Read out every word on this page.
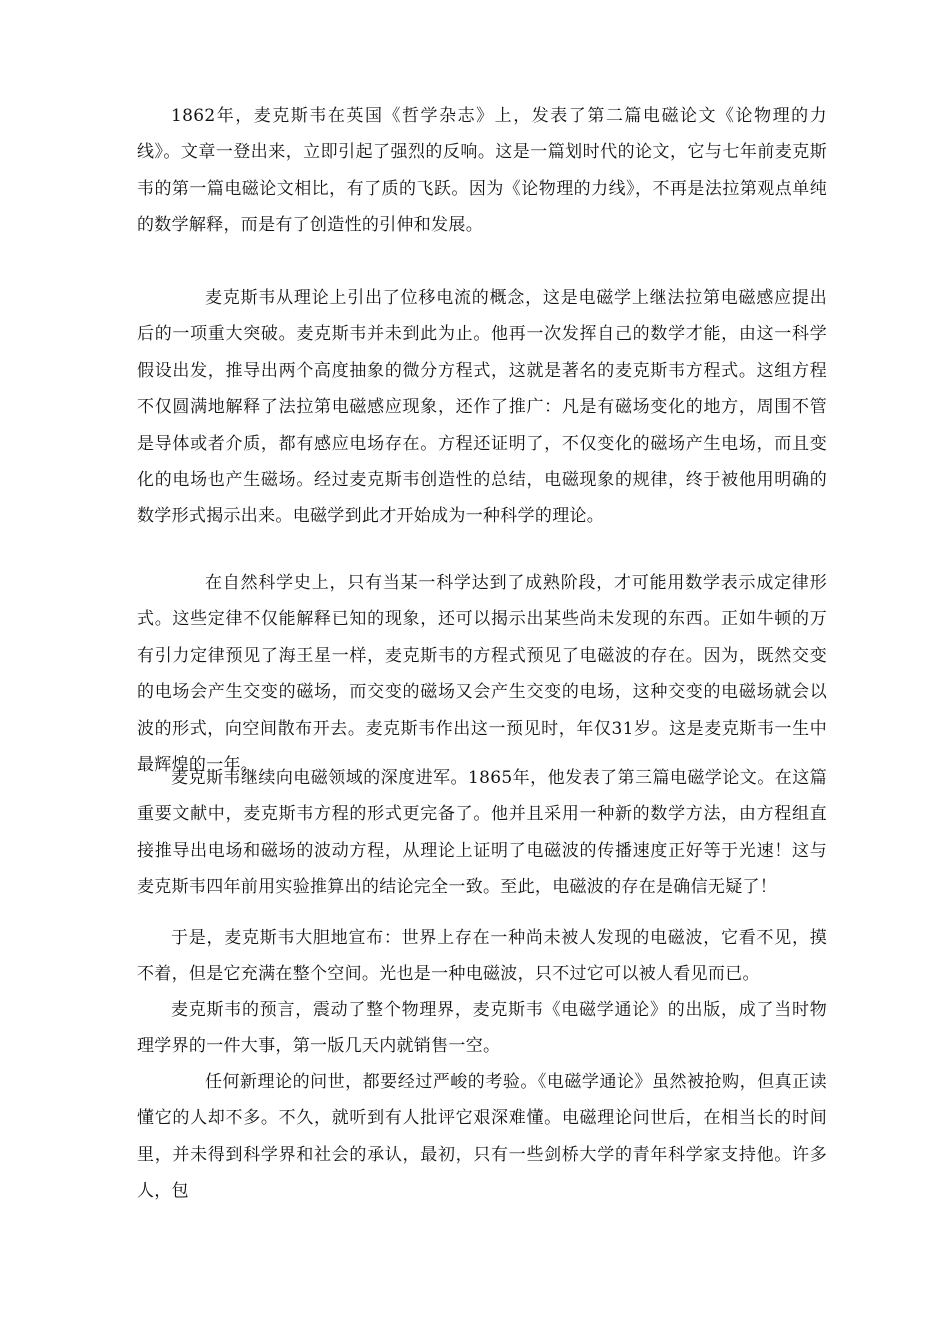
1862年，麦克斯韦在英国《哲学杂志》上，发表了第二篇电磁论文《论物理的力线》。文章一登出来，立即引起了强烈的反响。这是一篇划时代的论文，它与七年前麦克斯韦的第一篇电磁论文相比，有了质的飞跃。因为《论物理的力线》，不再是法拉第观点单纯的数学解释，而是有了创造性的引伸和发展。

麦克斯韦从理论上引出了位移电流的概念，这是电磁学上继法拉第电磁感应提出后的一项重大突破。麦克斯韦并未到此为止。他再一次发挥自己的数学才能，由这一科学假设出发，推导出两个高度抽象的微分方程式，这就是著名的麦克斯韦方程式。这组方程不仅圆满地解释了法拉第电磁感应现象，还作了推广：凡是有磁场变化的地方，周围不管是导体或者介质，都有感应电场存在。方程还证明了，不仅变化的磁场产生电场，而且变化的电场也产生磁场。经过麦克斯韦创造性的总结，电磁现象的规律，终于被他用明确的数学形式揭示出来。电磁学到此才开始成为一种科学的理论。

在自然科学史上，只有当某一科学达到了成熟阶段，才可能用数学表示成定律形式。这些定律不仅能解释已知的现象，还可以揭示出某些尚未发现的东西。正如牛顿的万有引力定律预见了海王星一样，麦克斯韦的方程式预见了电磁波的存在。因为，既然交变的电场会产生交变的磁场，而交变的磁场又会产生交变的电场，这种交变的电磁场就会以波的形式，向空间散布开去。麦克斯韦作出这一预见时，年仅31岁。这是麦克斯韦一生中最辉煌的一年。

麦克斯韦继续向电磁领域的深度进军。1865年，他发表了第三篇电磁学论文。在这篇重要文献中，麦克斯韦方程的形式更完备了。他并且采用一种新的数学方法，由方程组直接推导出电场和磁场的波动方程，从理论上证明了电磁波的传播速度正好等于光速！这与麦克斯韦四年前用实验推算出的结论完全一致。至此，电磁波的存在是确信无疑了！

于是，麦克斯韦大胆地宣布：世界上存在一种尚未被人发现的电磁波，它看不见，摸不着，但是它充满在整个空间。光也是一种电磁波，只不过它可以被人看见而已。

麦克斯韦的预言，震动了整个物理界，麦克斯韦《电磁学通论》的出版，成了当时物理学界的一件大事，第一版几天内就销售一空。

任何新理论的问世，都要经过严峻的考验。《电磁学通论》虽然被抢购，但真正读懂它的人却不多。不久，就听到有人批评它艰深难懂。电磁理论问世后，在相当长的时间里，并未得到科学界和社会的承认，最初，只有一些剑桥大学的青年科学家支持他。许多人，包
